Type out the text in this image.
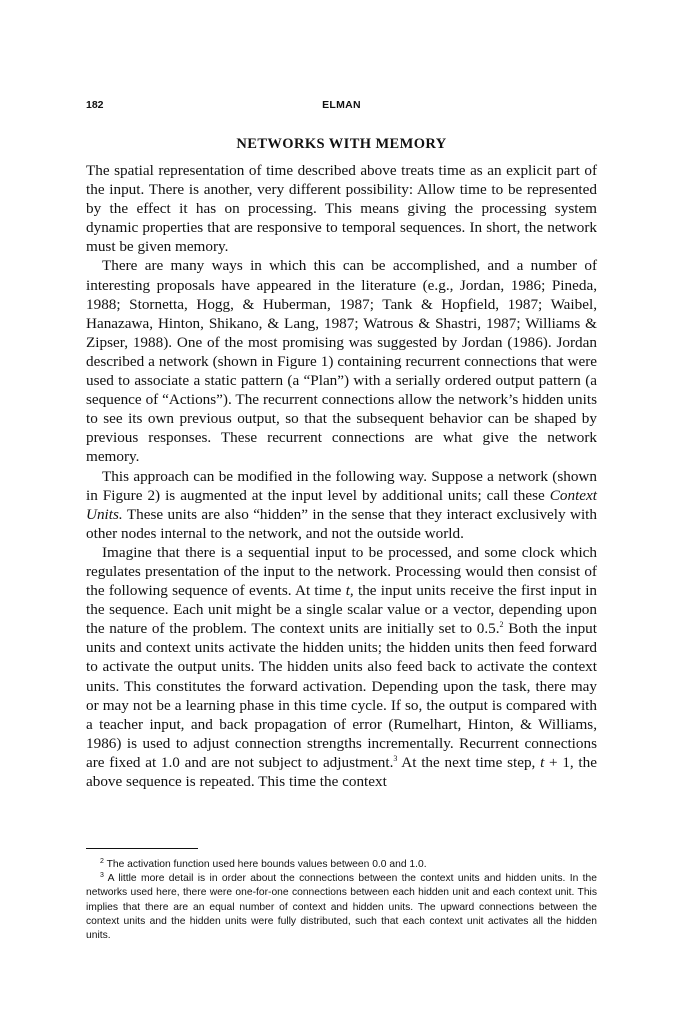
182	ELMAN
NETWORKS WITH MEMORY

The spatial representation of time described above treats time as an explicit part of the input. There is another, very different possibility: Allow time to be represented by the effect it has on processing. This means giving the processing system dynamic properties that are responsive to temporal sequences. In short, the network must be given memory.

There are many ways in which this can be accomplished, and a number of interesting proposals have appeared in the literature (e.g., Jordan, 1986; Pineda, 1988; Stornetta, Hogg, & Huberman, 1987; Tank & Hopfield, 1987; Waibel, Hanazawa, Hinton, Shikano, & Lang, 1987; Watrous & Shastri, 1987; Williams & Zipser, 1988). One of the most promising was suggested by Jordan (1986). Jordan described a network (shown in Figure 1) containing recurrent connections that were used to associate a static pattern (a “Plan”) with a serially ordered output pattern (a sequence of “Actions”). The recurrent connections allow the network’s hidden units to see its own previous output, so that the subsequent behavior can be shaped by previous responses. These recurrent connections are what give the network memory.

This approach can be modified in the following way. Suppose a network (shown in Figure 2) is augmented at the input level by additional units; call these Context Units. These units are also “hidden” in the sense that they interact exclusively with other nodes internal to the network, and not the outside world.

Imagine that there is a sequential input to be processed, and some clock which regulates presentation of the input to the network. Processing would then consist of the following sequence of events. At time t, the input units receive the first input in the sequence. Each unit might be a single scalar value or a vector, depending upon the nature of the problem. The context units are initially set to 0.5.$^2$ Both the input units and context units activate the hidden units; the hidden units then feed forward to activate the output units. The hidden units also feed back to activate the context units. This constitutes the forward activation. Depending upon the task, there may or may not be a learning phase in this time cycle. If so, the output is compared with a teacher input, and back propagation of error (Rumelhart, Hinton, & Williams, 1986) is used to adjust connection strengths incrementally. Recurrent connections are fixed at 1.0 and are not subject to adjustment.$^3$ At the next time step, t + 1, the above sequence is repeated. This time the context

$^2$ The activation function used here bounds values between 0.0 and 1.0.

$^3$ A little more detail is in order about the connections between the context units and hidden units. In the networks used here, there were one-for-one connections between each hidden unit and each context unit. This implies that there are an equal number of context and hidden units. The upward connections between the context units and the hidden units were fully distributed, such that each context unit activates all the hidden units.
